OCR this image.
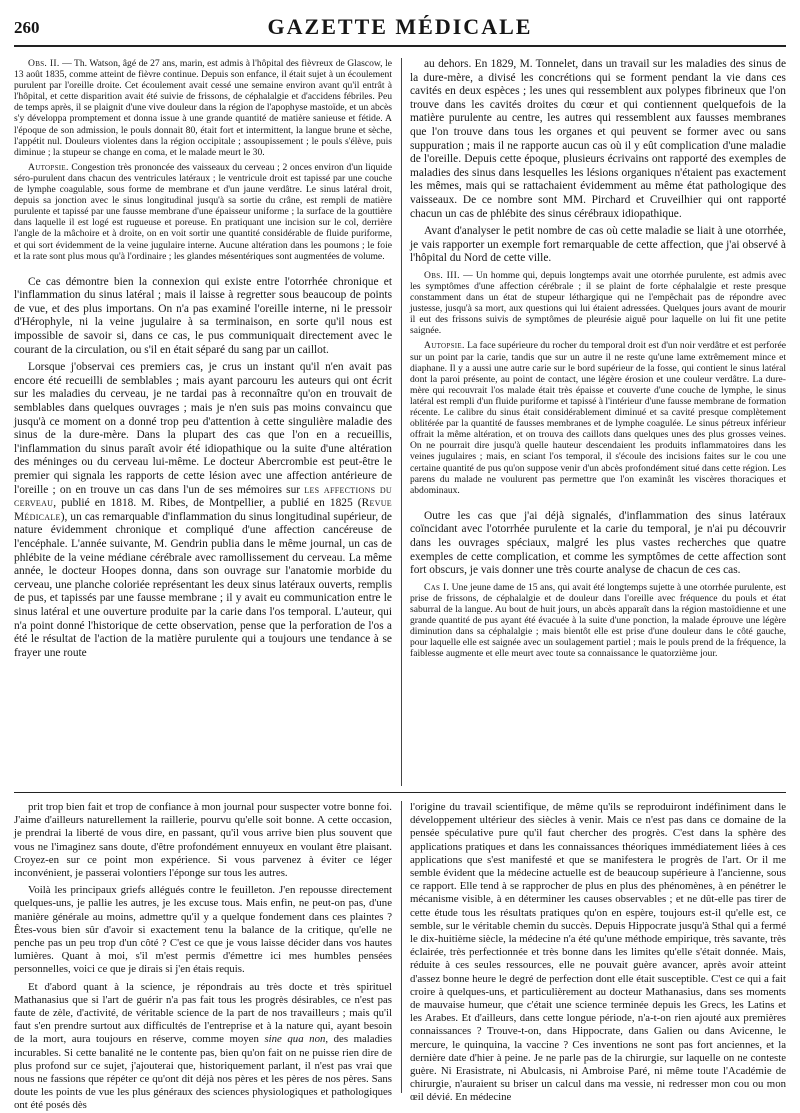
260	GAZETTE MÉDICALE

Obs. II. — Th. Watson, âgé de 27 ans, marin, est admis à l'hôpital des fièvreux de Glascow, le 13 août 1835, comme atteint de fièvre continue. Depuis son enfance, il était sujet à un écoulement purulent par l'oreille droite. Cet écoulement avait cessé une semaine environ avant qu'il entrât à l'hôpital, et cette disparition avait été suivie de frissons, de céphalalgie et d'accidens fébriles. Peu de temps après, il se plaignit d'une vive douleur dans la région de l'apophyse mastoïde, et un abcès s'y développa promptement et donna issue à une grande quantité de matière sanieuse et fétide. A l'époque de son admission, le pouls donnait 80, était fort et intermittent, la langue brune et sèche, l'appétit nul. Douleurs violentes dans la région occipitale ; assoupissement ; le pouls s'élève, puis diminue ; la stupeur se change en coma, et le malade meurt le 30.

Autopsie. Congestion très prononcée des vaisseaux du cerveau ; 2 onces environ d'un liquide séro-purulent dans chacun des ventricules latéraux ; le ventricule droit est tapissé par une couche de lymphe coagulable, sous forme de membrane et d'un jaune verdâtre. Le sinus latéral droit, depuis sa jonction avec le sinus longitudinal jusqu'à sa sortie du crâne, est rempli de matière purulente et tapissé par une fausse membrane d'une épaisseur uniforme ; la surface de la gouttière dans laquelle il est logé est rugueuse et poreuse. En pratiquant une incision sur le col, derrière l'angle de la mâchoire et à droite, on en voit sortir une quantité considérable de fluide puriforme, et qui sort évidemment de la veine jugulaire interne. Aucune altération dans les poumons ; le foie et la rate sont plus mous qu'à l'ordinaire ; les glandes mésentériques sont augmentées de volume.

Ce cas démontre bien la connexion qui existe entre l'otorrhée chronique et l'inflammation du sinus latéral ; mais il laisse à regretter sous beaucoup de points de vue, et des plus importans. On n'a pas examiné l'oreille interne, ni le pressoir d'Hérophyle, ni la veine jugulaire à sa terminaison, en sorte qu'il nous est impossible de savoir si, dans ce cas, le pus communiquait directement avec le courant de la circulation, ou s'il en était séparé du sang par un caillot.

Lorsque j'observai ces premiers cas, je crus un instant qu'il n'en avait pas encore été recueilli de semblables ; mais ayant parcouru les auteurs qui ont écrit sur les maladies du cerveau, je ne tardai pas à reconnaître qu'on en trouvait de semblables dans quelques ouvrages ; mais je n'en suis pas moins convaincu que jusqu'à ce moment on a donné trop peu d'attention à cette singulière maladie des sinus de la dure-mère. Dans la plupart des cas que l'on en a recueillis, l'inflammation du sinus paraît avoir été idiopathique ou la suite d'une altération des méninges ou du cerveau lui-même. Le docteur Abercrombie est peut-être le premier qui signala les rapports de cette lésion avec une affection antérieure de l'oreille ; on en trouve un cas dans l'un de ses mémoires sur les affections du cerveau, publié en 1818. M. Ribes, de Montpellier, a publié en 1825 (Revue Médicale), un cas remarquable d'inflammation du sinus longitudinal supérieur, de nature évidemment chronique et compliqué d'une affection cancéreuse de l'encéphale. L'année suivante, M. Gendrin publia dans le même journal, un cas de phlébite de la veine médiane cérébrale avec ramollissement du cerveau. La même année, le docteur Hoopes donna, dans son ouvrage sur l'anatomie morbide du cerveau, une planche coloriée représentant les deux sinus latéraux ouverts, remplis de pus, et tapissés par une fausse membrane ; il y avait eu communication entre le sinus latéral et une ouverture produite par la carie dans l'os temporal. L'auteur, qui n'a point donné l'historique de cette observation, pense que la perforation de l'os a été le résultat de l'action de la matière purulente qui a toujours une tendance à se frayer une route

au dehors. En 1829, M. Tonnelet, dans un travail sur les maladies des sinus de la dure-mère, a divisé les concrétions qui se forment pendant la vie dans ces cavités en deux espèces ; les unes qui ressemblent aux polypes fibrineux que l'on trouve dans les cavités droites du cœur et qui contiennent quelquefois de la matière purulente au centre, les autres qui ressemblent aux fausses membranes que l'on trouve dans tous les organes et qui peuvent se former avec ou sans suppuration ; mais il ne rapporte aucun cas où il y eût complication d'une maladie de l'oreille. Depuis cette époque, plusieurs écrivains ont rapporté des exemples de maladies des sinus dans lesquelles les lésions organiques n'étaient pas exactement les mêmes, mais qui se rattachaient évidemment au même état pathologique des vaisseaux. De ce nombre sont MM. Pirchard et Cruveilhier qui ont rapporté chacun un cas de phlébite des sinus cérébraux idiopathique.

Avant d'analyser le petit nombre de cas où cette maladie se liait à une otorrhée, je vais rapporter un exemple fort remarquable de cette affection, que j'ai observé à l'hôpital du Nord de cette ville.

Obs. III. — Un homme qui, depuis longtemps avait une otorrhée purulente, est admis avec les symptômes d'une affection cérébrale ; il se plaint de forte céphalalgie et reste presque constamment dans un état de stupeur léthargique qui ne l'empêchait pas de répondre avec justesse, jusqu'à sa mort, aux questions qui lui étaient adressées. Quelques jours avant de mourir il eut des frissons suivis de symptômes de pleurésie aiguë pour laquelle on lui fit une petite saignée.

Autopsie. La face supérieure du rocher du temporal droit est d'un noir verdâtre et est perforée sur un point par la carie, tandis que sur un autre il ne reste qu'une lame extrêmement mince et diaphane. Il y a aussi une autre carie sur le bord supérieur de la fosse, qui contient le sinus latéral dont la paroi présente, au point de contact, une légère érosion et une couleur verdâtre. La dure-mère qui recouvrait l'os malade était très épaisse et couverte d'une couche de lymphe, le sinus latéral est rempli d'un fluide puriforme et tapissé à l'intérieur d'une fausse membrane de formation récente. Le calibre du sinus était considérablement diminué et sa cavité presque complètement oblitérée par la quantité de fausses membranes et de lymphe coagulée. Le sinus pétreux inférieur offrait la même altération, et on trouva des caillots dans quelques unes des plus grosses veines. On ne pourrait dire jusqu'à quelle hauteur descendaient les produits inflammatoires dans les veines jugulaires ; mais, en sciant l'os temporal, il s'écoule des incisions faites sur le cou une certaine quantité de pus qu'on suppose venir d'un abcès profondément situé dans cette région. Les parens du malade ne voulurent pas permettre que l'on examinât les viscères thoraciques et abdominaux.

Outre les cas que j'ai déjà signalés, d'inflammation des sinus latéraux coïncidant avec l'otorrhée purulente et la carie du temporal, je n'ai pu découvrir dans les ouvrages spéciaux, malgré les plus vastes recherches que quatre exemples de cette complication, et comme les symptômes de cette affection sont fort obscurs, je vais donner une très courte analyse de chacun de ces cas.

Cas I. Une jeune dame de 15 ans, qui avait été longtemps sujette à une otorrhée purulente, est prise de frissons, de céphalalgie et de douleur dans l'oreille avec fréquence du pouls et état saburral de la langue. Au bout de huit jours, un abcès apparaît dans la région mastoïdienne et une grande quantité de pus ayant été évacuée à la suite d'une ponction, la malade éprouve une légère diminution dans sa céphalalgie ; mais bientôt elle est prise d'une douleur dans le côté gauche, pour laquelle elle est saignée avec un soulagement partiel ; mais le pouls prend de la fréquence, la faiblesse augmente et elle meurt avec toute sa connaissance le quatorzième jour.

prit trop bien fait et trop de confiance à mon journal pour suspecter votre bonne foi. J'aime d'ailleurs naturellement la raillerie, pourvu qu'elle soit bonne. A cette occasion, je prendrai la liberté de vous dire, en passant, qu'il vous arrive bien plus souvent que vous ne l'imaginez sans doute, d'être profondément ennuyeux en voulant être plaisant. Croyez-en sur ce point mon expérience. Si vous parvenez à éviter ce léger inconvénient, je passerai volontiers l'éponge sur tous les autres.

Voilà les principaux griefs allégués contre le feuilleton. J'en repousse directement quelques-uns, je pallie les autres, je les excuse tous. Mais enfin, ne peut-on pas, d'une manière générale au moins, admettre qu'il y a quelque fondement dans ces plaintes ? Êtes-vous bien sûr d'avoir si exactement tenu la balance de la critique, qu'elle ne penche pas un peu trop d'un côté ? C'est ce que je vous laisse décider dans vos hautes lumières. Quant à moi, s'il m'est permis d'émettre ici mes humbles pensées personnelles, voici ce que je dirais si j'en étais requis.

Et d'abord quant à la science, je répondrais au très docte et très spirituel Mathanasius que si l'art de guérir n'a pas fait tous les progrès désirables, ce n'est pas faute de zèle, d'activité, de véritable science de la part de nos travailleurs ; mais qu'il faut s'en prendre surtout aux difficultés de l'entreprise et à la nature qui, ayant besoin de la mort, aura toujours en réserve, comme moyen sine qua non, des maladies incurables. Si cette banalité ne le contente pas, bien qu'on fait on ne puisse rien dire de plus profond sur ce sujet, j'ajouterai que, historiquement parlant, il n'est pas vrai que nous ne fassions que répéter ce qu'ont dit déjà nos pères et les pères de nos pères. Sans doute les points de vue les plus généraux des sciences physiologiques et pathologiques ont été posés dès

l'origine du travail scientifique, de même qu'ils se reproduiront indéfiniment dans le développement ultérieur des siècles à venir. Mais ce n'est pas dans ce domaine de la pensée spéculative pure qu'il faut chercher des progrès. C'est dans la sphère des applications pratiques et dans les connaissances théoriques immédiatement liées à ces applications que s'est manifesté et que se manifestera le progrès de l'art. Or il me semble évident que la médecine actuelle est de beaucoup supérieure à l'ancienne, sous ce rapport. Elle tend à se rapprocher de plus en plus des phénomènes, à en pénétrer le mécanisme visible, à en déterminer les causes observables ; et ne dût-elle pas tirer de cette étude tous les résultats pratiques qu'on en espère, toujours est-il qu'elle est, ce semble, sur le véritable chemin du succès. Depuis Hippocrate jusqu'à Sthal qui a fermé le dix-huitième siècle, la médecine n'a été qu'une méthode empirique, très savante, très éclairée, très perfectionnée et très bonne dans les limites qu'elle s'était donnée. Mais, réduite à ces seules ressources, elle ne pouvait guère avancer, après avoir atteint d'assez bonne heure le degré de perfection dont elle était susceptible. C'est ce qui a fait croire à quelques-uns, et particulièrement au docteur Mathanasius, dans ses moments de mauvaise humeur, que c'était une science terminée depuis les Grecs, les Latins et les Arabes. Et d'ailleurs, dans cette longue période, n'a-t-on rien ajouté aux premières connaissances ? Trouve-t-on, dans Hippocrate, dans Galien ou dans Avicenne, le mercure, le quinquina, la vaccine ? Ces inventions ne sont pas fort anciennes, et la dernière date d'hier à peine. Je ne parle pas de la chirurgie, sur laquelle on ne conteste guère. Ni Erasistrate, ni Abulcasis, ni Ambroise Paré, ni même toute l'Académie de chirurgie, n'auraient su briser un calcul dans ma vessie, ni redresser mon cou ou mon œil dévié. En médecine
